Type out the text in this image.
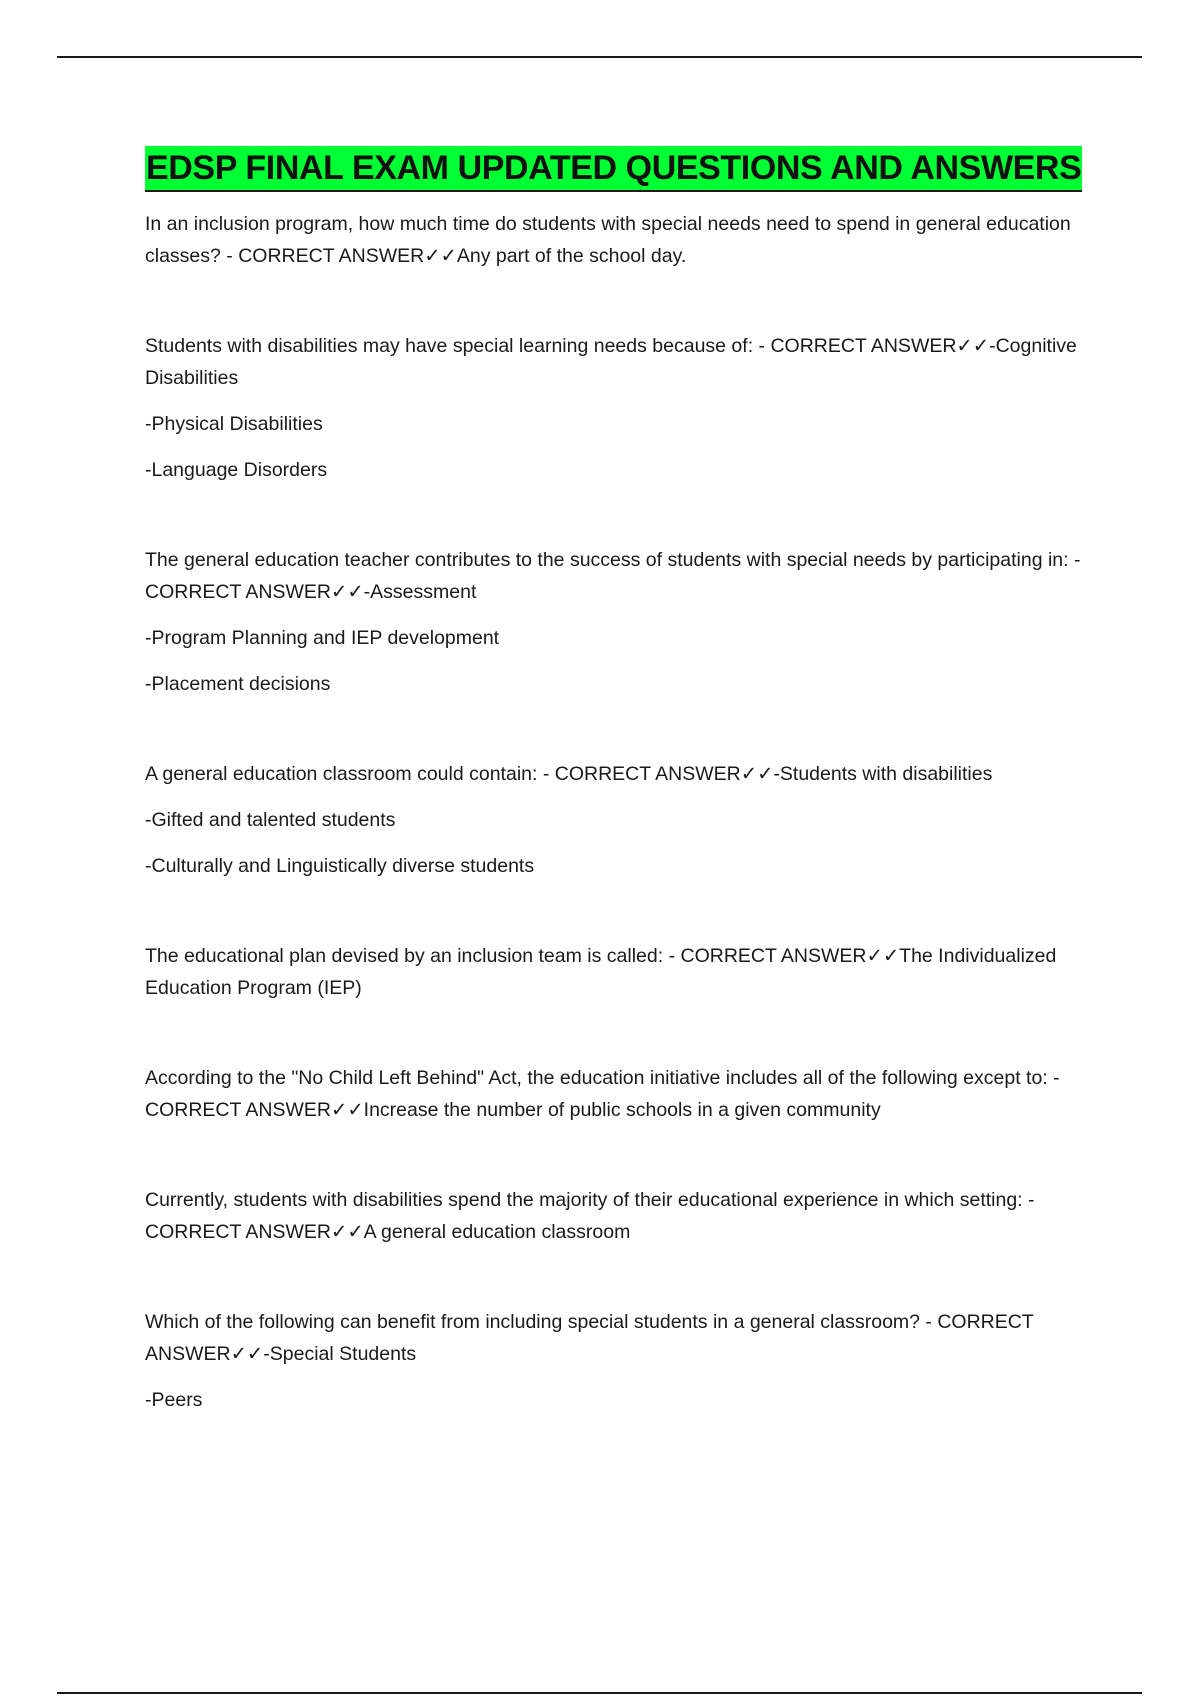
EDSP FINAL EXAM UPDATED QUESTIONS AND ANSWERS

In an inclusion program, how much time do students with special needs need to spend in general education classes? - CORRECT ANSWER✓✓Any part of the school day.

Students with disabilities may have special learning needs because of: - CORRECT ANSWER✓✓-Cognitive Disabilities

-Physical Disabilities

-Language Disorders

The general education teacher contributes to the success of students with special needs by participating in: - CORRECT ANSWER✓✓-Assessment

-Program Planning and IEP development

-Placement decisions

A general education classroom could contain: - CORRECT ANSWER✓✓-Students with disabilities

-Gifted and talented students

-Culturally and Linguistically diverse students

The educational plan devised by an inclusion team is called: - CORRECT ANSWER✓✓The Individualized Education Program (IEP)

According to the "No Child Left Behind" Act, the education initiative includes all of the following except to: - CORRECT ANSWER✓✓Increase the number of public schools in a given community

Currently, students with disabilities spend the majority of their educational experience in which setting: - CORRECT ANSWER✓✓A general education classroom

Which of the following can benefit from including special students in a general classroom? - CORRECT ANSWER✓✓-Special Students

-Peers
